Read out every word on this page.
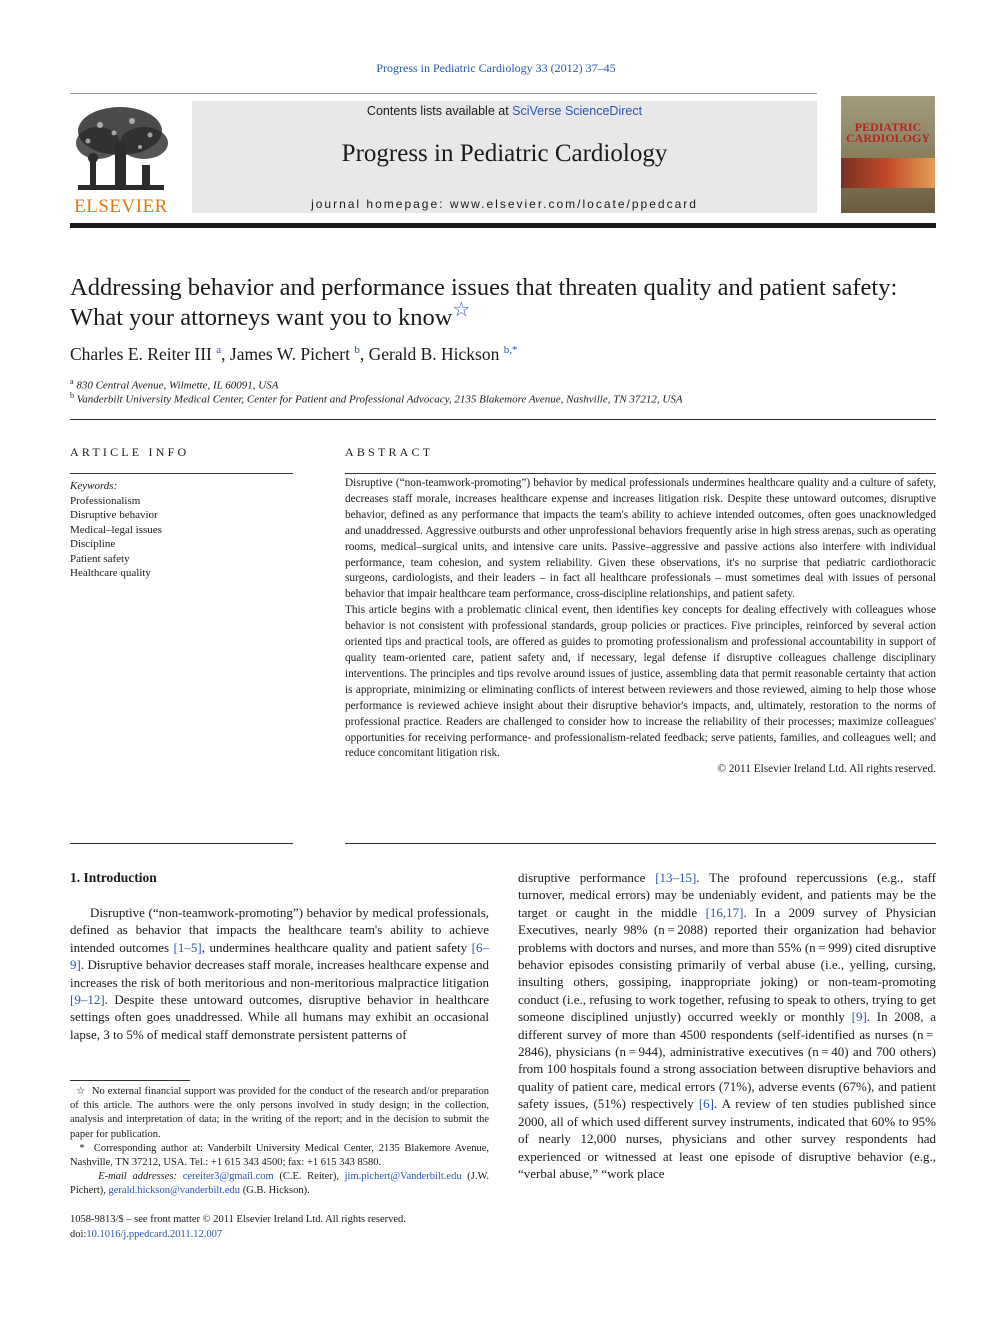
Progress in Pediatric Cardiology 33 (2012) 37–45
ELSEVIER
Contents lists available at SciVerse ScienceDirect
Progress in Pediatric Cardiology
journal homepage: www.elsevier.com/locate/ppedcard
PEDIATRIC
CARDIOLOGY
Addressing behavior and performance issues that threaten quality and patient safety: What your attorneys want you to know☆
Charles E. Reiter III $^a$, James W. Pichert $^b$, Gerald B. Hickson $^{b,*}$
$^a$ 830 Central Avenue, Wilmette, IL 60091, USA
$^b$ Vanderbilt University Medical Center, Center for Patient and Professional Advocacy, 2135 Blakemore Avenue, Nashville, TN 37212, USA
ARTICLE INFO
Keywords:
Professionalism
Disruptive behavior
Medical–legal issues
Discipline
Patient safety
Healthcare quality
ABSTRACT

Disruptive (“non-teamwork-promoting”) behavior by medical professionals undermines healthcare quality and a culture of safety, decreases staff morale, increases healthcare expense and increases litigation risk. Despite these untoward outcomes, disruptive behavior, defined as any performance that impacts the team's ability to achieve intended outcomes, often goes unacknowledged and unaddressed. Aggressive outbursts and other unprofessional behaviors frequently arise in high stress arenas, such as operating rooms, medical–surgical units, and intensive care units. Passive–aggressive and passive actions also interfere with individual performance, team cohesion, and system reliability. Given these observations, it's no surprise that pediatric cardiothoracic surgeons, cardiologists, and their leaders – in fact all healthcare professionals – must sometimes deal with issues of personal behavior that impair healthcare team performance, cross-discipline relationships, and patient safety.

This article begins with a problematic clinical event, then identifies key concepts for dealing effectively with colleagues whose behavior is not consistent with professional standards, group policies or practices. Five principles, reinforced by several action oriented tips and practical tools, are offered as guides to promoting professionalism and professional accountability in support of quality team-oriented care, patient safety and, if necessary, legal defense if disruptive colleagues challenge disciplinary interventions. The principles and tips revolve around issues of justice, assembling data that permit reasonable certainty that action is appropriate, minimizing or eliminating conflicts of interest between reviewers and those reviewed, aiming to help those whose performance is reviewed achieve insight about their disruptive behavior's impacts, and, ultimately, restoration to the norms of professional practice. Readers are challenged to consider how to increase the reliability of their processes; maximize colleagues' opportunities for receiving performance- and professionalism-related feedback; serve patients, families, and colleagues well; and reduce concomitant litigation risk.

© 2011 Elsevier Ireland Ltd. All rights reserved.

1. Introduction

Disruptive (“non-teamwork-promoting”) behavior by medical professionals, defined as behavior that impacts the healthcare team's ability to achieve intended outcomes [1–5], undermines healthcare quality and patient safety [6–9]. Disruptive behavior decreases staff morale, increases healthcare expense and increases the risk of both meritorious and non-meritorious malpractice litigation [9–12]. Despite these untoward outcomes, disruptive behavior in healthcare settings often goes unaddressed. While all humans may exhibit an occasional lapse, 3 to 5% of medical staff demonstrate persistent patterns of

disruptive performance [13–15]. The profound repercussions (e.g., staff turnover, medical errors) may be undeniably evident, and patients may be the target or caught in the middle [16,17]. In a 2009 survey of Physician Executives, nearly 98% (n = 2088) reported their organization had behavior problems with doctors and nurses, and more than 55% (n = 999) cited disruptive behavior episodes consisting primarily of verbal abuse (i.e., yelling, cursing, insulting others, gossiping, inappropriate joking) or non-team-promoting conduct (i.e., refusing to work together, refusing to speak to others, trying to get someone disciplined unjustly) occurred weekly or monthly [9]. In 2008, a different survey of more than 4500 respondents (self-identified as nurses (n = 2846), physicians (n = 944), administrative executives (n = 40) and 700 others) from 100 hospitals found a strong association between disruptive behaviors and quality of patient care, medical errors (71%), adverse events (67%), and patient safety issues, (51%) respectively [6]. A review of ten studies published since 2000, all of which used different survey instruments, indicated that 60% to 95% of nearly 12,000 nurses, physicians and other survey respondents had experienced or witnessed at least one episode of disruptive behavior (e.g., “verbal abuse,” “work place

☆ No external financial support was provided for the conduct of the research and/or preparation of this article. The authors were the only persons involved in study design; in the collection, analysis and interpretation of data; in the writing of the report; and in the decision to submit the paper for publication.

* Corresponding author at: Vanderbilt University Medical Center, 2135 Blakemore Avenue, Nashville, TN 37212, USA. Tel.: +1 615 343 4500; fax: +1 615 343 8580.

E-mail addresses: cereiter3@gmail.com (C.E. Reiter), jim.pichert@Vanderbilt.edu (J.W. Pichert), gerald.hickson@vanderbilt.edu (G.B. Hickson).

1058-9813/$ – see front matter © 2011 Elsevier Ireland Ltd. All rights reserved.
doi:10.1016/j.ppedcard.2011.12.007
